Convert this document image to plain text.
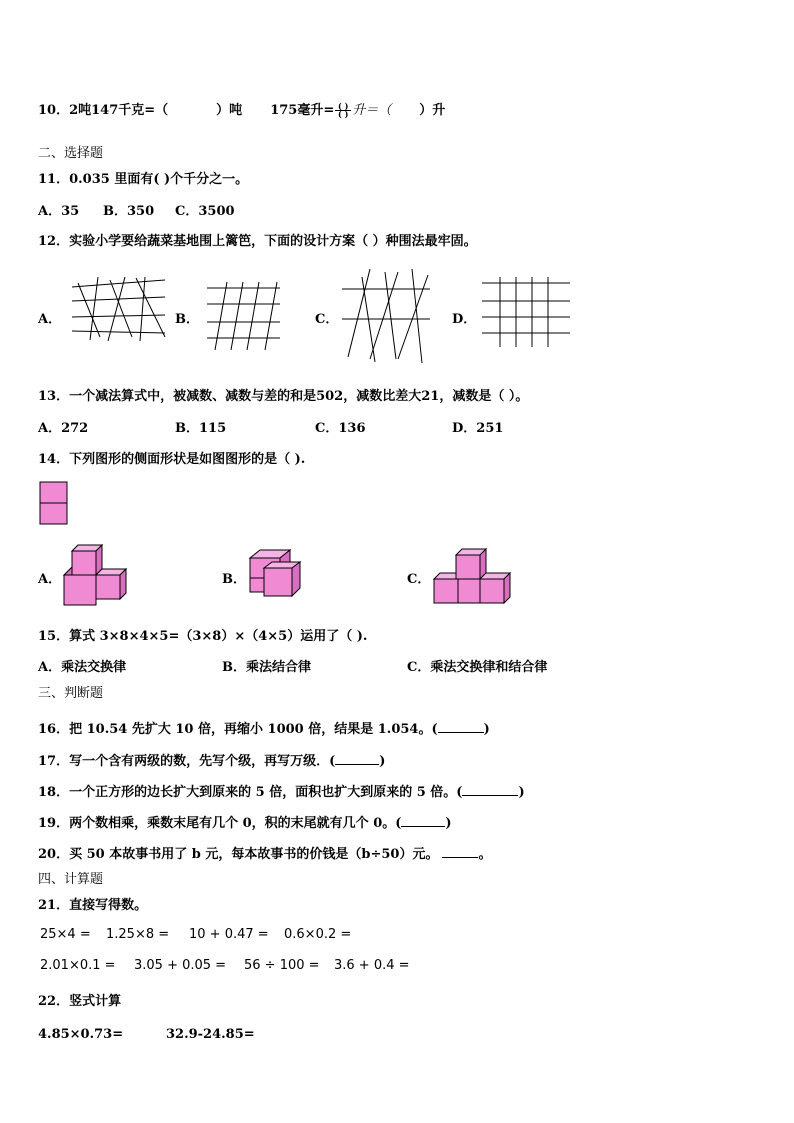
10．2吨147千克=（	）吨 175毫升= $\frac{( )}{( )}$ 升＝（ ）升
二、选择题
11．0.035 里面有( )个千分之一。
A．35 B．350 C．3500
12．实验小学要给蔬菜基地围上篱笆，下面的设计方案（ ）种围法最牢固。
A．	B．	C．	D．
13．一个减法算式中，被减数、减数与差的和是502，减数比差大21，减数是（ ）。
A．272	B．115	C．136	D．251
14．下列图形的侧面形状是如图图形的是（ ).
A．	B．	C．
15．算式 3×8×4×5=（3×8）×（4×5）运用了（ ).
A．乘法交换律	B．乘法结合律	C．乘法交换律和结合律
三、判断题
16．把 10.54 先扩大 10 倍，再缩小 1000 倍，结果是 1.054。(	)
17．写一个含有两级的数，先写个级，再写万级．(	)
18．一个正方形的边长扩大到原来的 5 倍，面积也扩大到原来的 5 倍。(	)
19．两个数相乘，乘数末尾有几个 0，积的末尾就有几个 0。(	)
20．买 50 本故事书用了 b 元，每本故事书的价钱是（b÷50）元。	。
四、计算题
21．直接写得数。
25×4 = 1.25×8 = 10 + 0.47 = 0.6×0.2 =
2.01×0.1 = 3.05 + 0.05 = 56 ÷ 100 = 3.6 + 0.4 =
22．竖式计算
4.85×0.73=	32.9-24.85=
